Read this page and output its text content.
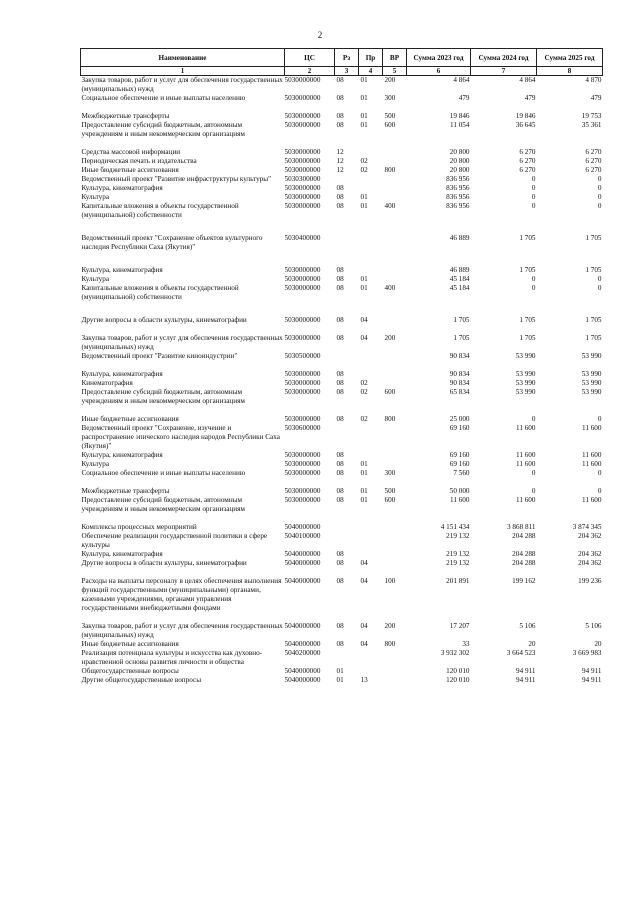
2
Наименование	ЦС	Рз	Пр	ВР	Сумма 2023 год	Сумма 2024 год	Сумма 2025 год
1	2	3	4	5	6	7	8
Закупка товаров, работ и услуг для обеспечения государственных (муниципальных) нужд	5030000000	08	01	200	4 864	4 864	4 870
Социальное обеспечение и иные выплаты населению	5030000000	08	01	300	479	479	479

Межбюджетные трансферты	5030000000	08	01	500	19 846	19 846	19 753
Предоставление субсидий бюджетным, автономным учреждениям и иным некоммерческим организациям	5030000000	08	01	600	11 054	36 645	35 361

Средства массовой информации	5030000000	12			20 800	6 270	6 270
Периодическая печать и издательства	5030000000	12	02		20 800	6 270	6 270
Иные бюджетные ассигнования	5030000000	12	02	800	20 800	6 270	6 270
Ведомственный проект "Развитие инфраструктуры культуры"	5030300000				836 956	0	0
Культура, кинематография	5030000000	08			836 956	0	0
Культура	5030000000	08	01		836 956	0	0
Капитальные вложения в объекты государственной (муниципальной) собственности	5030000000	08	01	400	836 956	0	0

Ведомственный проект "Сохранение объектов культурного наследия Республики Саха (Якутия)"	5030400000				46 889	1 705	1 705

Культура, кинематография	5030000000	08			46 889	1 705	1 705
Культура	5030000000	08	01		45 184	0	0
Капитальные вложения в объекты государственной (муниципальной) собственности	5030000000	08	01	400	45 184	0	0

Другие вопросы в области культуры, кинематографии	5030000000	08	04		1 705	1 705	1 705

Закупка товаров, работ и услуг для обеспечения государственных (муниципальных) нужд	5030000000	08	04	200	1 705	1 705	1 705
Ведомственный проект "Развитие киноиндустрии"	5030500000				90 834	53 990	53 990

Культура, кинематография	5030000000	08			90 834	53 990	53 990
Кинематография	5030000000	08	02		90 834	53 990	53 990
Предоставление субсидий бюджетным, автономным учреждениям и иным некоммерческим организациям	5030000000	08	02	600	65 834	53 990	53 990

Иные бюджетные ассигнования	5030000000	08	02	800	25 000	0	0
Ведомственный проект "Сохранение, изучение и распространение эпического наследия народов Республики Саха (Якутия)"	5030600000				69 160	11 600	11 600
Культура, кинематография	5030000000	08			69 160	11 600	11 600
Культура	5030000000	08	01		69 160	11 600	11 600
Социальное обеспечение и иные выплаты населению	5030000000	08	01	300	7 560	0	0

Межбюджетные трансферты	5030000000	08	01	500	50 000	0	0
Предоставление субсидий бюджетным, автономным учреждениям и иным некоммерческим организациям	5030000000	08	01	600	11 600	11 600	11 600

Комплексы процессных мероприятий	5040000000				4 151 434	3 868 811	3 874 345
Обеспечение реализации государственной политики в сфере культуры	5040100000				219 132	204 288	204 362
Культура, кинематография	5040000000	08			219 132	204 288	204 362
Другие вопросы в области культуры, кинематографии	5040000000	08	04		219 132	204 288	204 362

Расходы на выплаты персоналу в целях обеспечения выполнения функций государственными (муниципальными) органами, казенными учреждениями, органами управления государственными внебюджетными фондами	5040000000	08	04	100	201 891	199 162	199 236

Закупка товаров, работ и услуг для обеспечения государственных (муниципальных) нужд	5040000000	08	04	200	17 207	5 106	5 106
Иные бюджетные ассигнования	5040000000	08	04	800	33	20	20
Реализация потенциала культуры и искусства как духовно-нравственной основы развития личности и общества	5040200000				3 932 302	3 664 523	3 669 983
Общегосударственные вопросы	5040000000	01			120 010	94 911	94 911
Другие общегосударственные вопросы	5040000000	01	13		120 010	94 911	94 911
